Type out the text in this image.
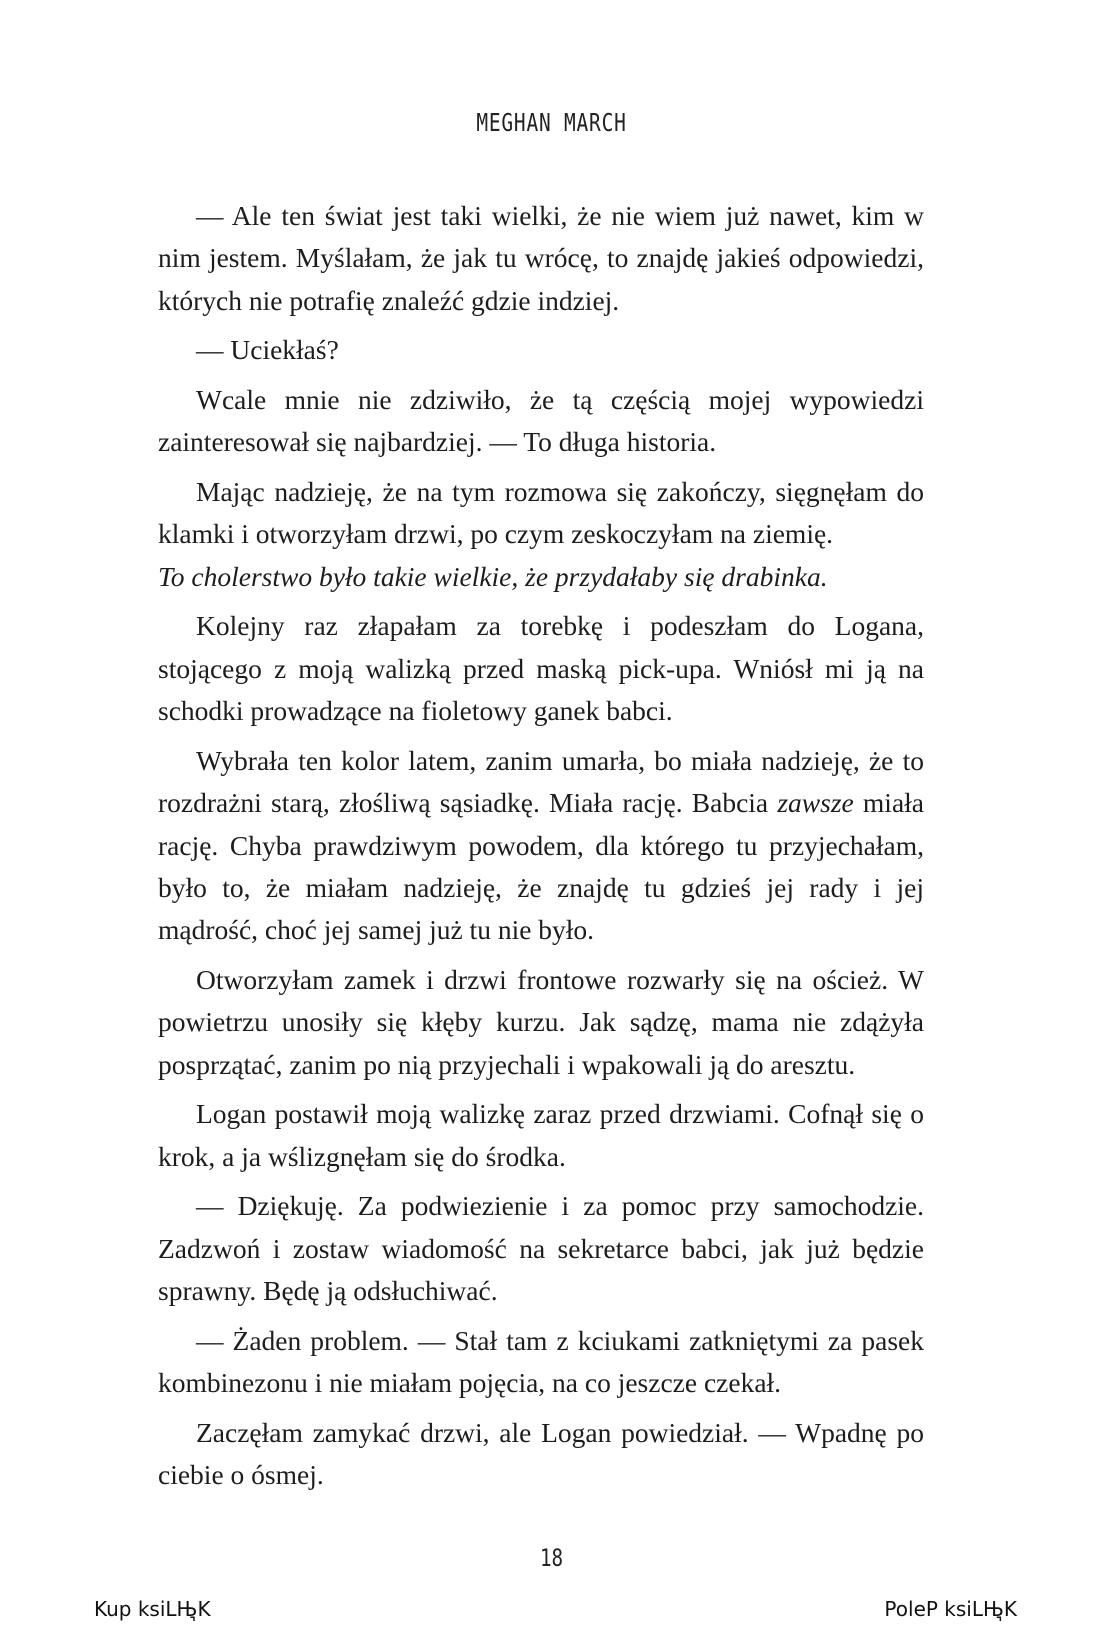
MEGHAN MARCH

— Ale ten świat jest taki wielki, że nie wiem już nawet, kim w nim jestem. Myślałam, że jak tu wrócę, to znajdę jakieś odpowiedzi, których nie potrafię znaleźć gdzie indziej.

— Uciekłaś?

Wcale mnie nie zdziwiło, że tą częścią mojej wypowiedzi zainteresował się najbardziej. — To długa historia.

Mając nadzieję, że na tym rozmowa się zakończy, sięgnęłam do klamki i otworzyłam drzwi, po czym zeskoczyłam na ziemię.

To cholerstwo było takie wielkie, że przydałaby się drabinka.

Kolejny raz złapałam za torebkę i podeszłam do Logana, stojącego z moją walizką przed maską pick-upa. Wniósł mi ją na schodki prowadzące na fioletowy ganek babci.

Wybrała ten kolor latem, zanim umarła, bo miała nadzieję, że to rozdrażni starą, złośliwą sąsiadkę. Miała rację. Babcia zawsze miała rację. Chyba prawdziwym powodem, dla którego tu przyjechałam, było to, że miałam nadzieję, że znajdę tu gdzieś jej rady i jej mądrość, choć jej samej już tu nie było.

Otworzyłam zamek i drzwi frontowe rozwarły się na oścież. W powietrzu unosiły się kłęby kurzu. Jak sądzę, mama nie zdążyła posprzątać, zanim po nią przyjechali i wpakowali ją do aresztu.

Logan postawił moją walizkę zaraz przed drzwiami. Cofnął się o krok, a ja wślizgnęłam się do środka.

— Dziękuję. Za podwiezienie i za pomoc przy samochodzie. Zadzwoń i zostaw wiadomość na sekretarce babci, jak już będzie sprawny. Będę ją odsłuchiwać.

— Żaden problem. — Stał tam z kciukami zatkniętymi za pasek kombinezonu i nie miałam pojęcia, na co jeszcze czekał.

Zaczęłam zamykać drzwi, ale Logan powiedział. — Wpadnę po ciebie o ósmej.

18
Kup ksiLЊ͉K	PoleP ksiLЊ͉K
